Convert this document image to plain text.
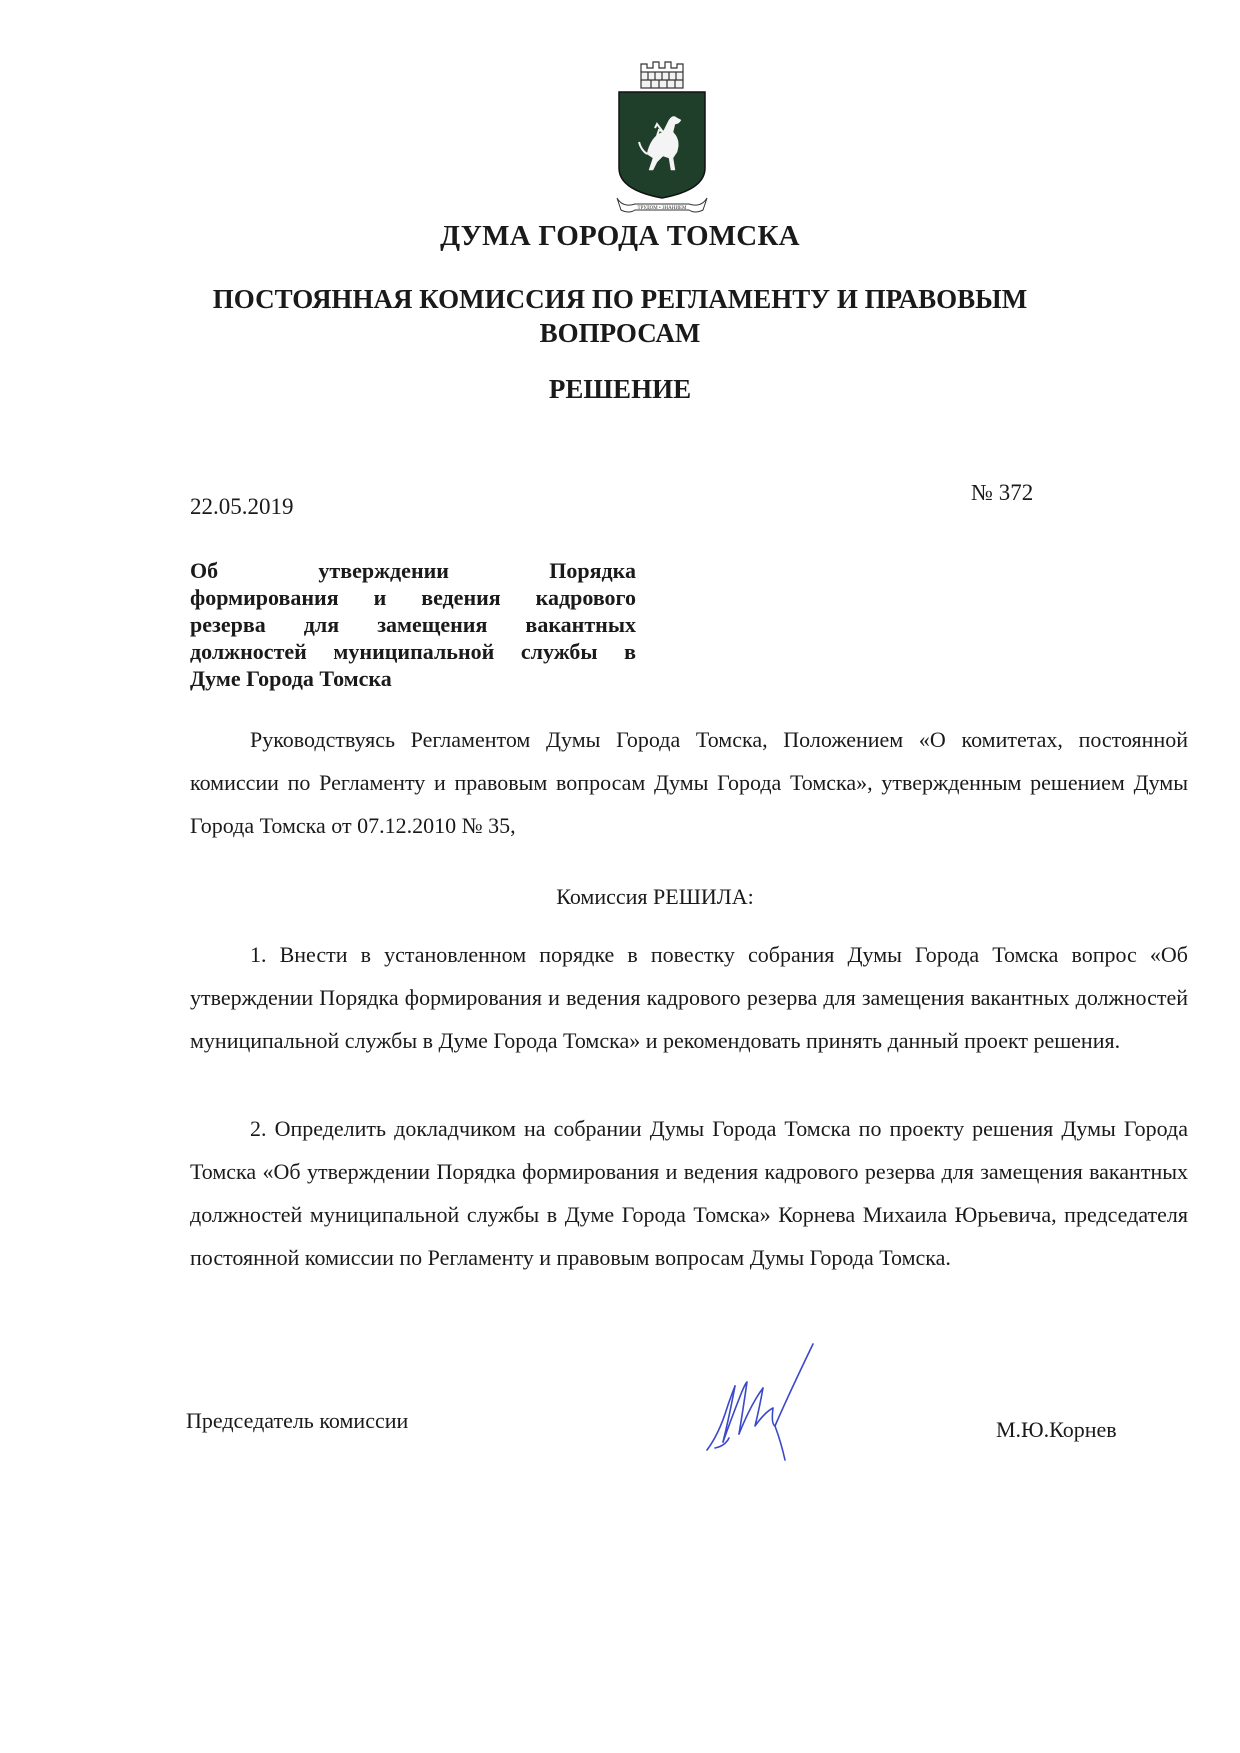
ТРУДОМ • ЗНАНИЕМ
ДУМА ГОРОДА ТОМСКА
ПОСТОЯННАЯ КОМИССИЯ ПО РЕГЛАМЕНТУ И ПРАВОВЫМ
ВОПРОСАМ
РЕШЕНИЕ
22.05.2019
№ 372
Об утверждении Порядка
формирования и ведения кадрового
резерва для замещения вакантных
должностей муниципальной службы в
Думе Города Томска
Руководствуясь Регламентом Думы Города Томска, Положением «О комитетах, постоянной комиссии по Регламенту и правовым вопросам Думы Города Томска», утвержденным решением Думы Города Томска от 07.12.2010 № 35,
Комиссия РЕШИЛА:
1. Внести в установленном порядке в повестку собрания Думы Города Томска вопрос «Об утверждении Порядка формирования и ведения кадрового резерва для замещения вакантных должностей муниципальной службы в Думе Города Томска» и рекомендовать принять данный проект решения.
2. Определить докладчиком на собрании Думы Города Томска по проекту решения Думы Города Томска «Об утверждении Порядка формирования и ведения кадрового резерва для замещения вакантных должностей муниципальной службы в Думе Города Томска» Корнева Михаила Юрьевича, председателя постоянной комиссии по Регламенту и правовым вопросам Думы Города Томска.
Председатель комиссии	М.Ю.Корнев
